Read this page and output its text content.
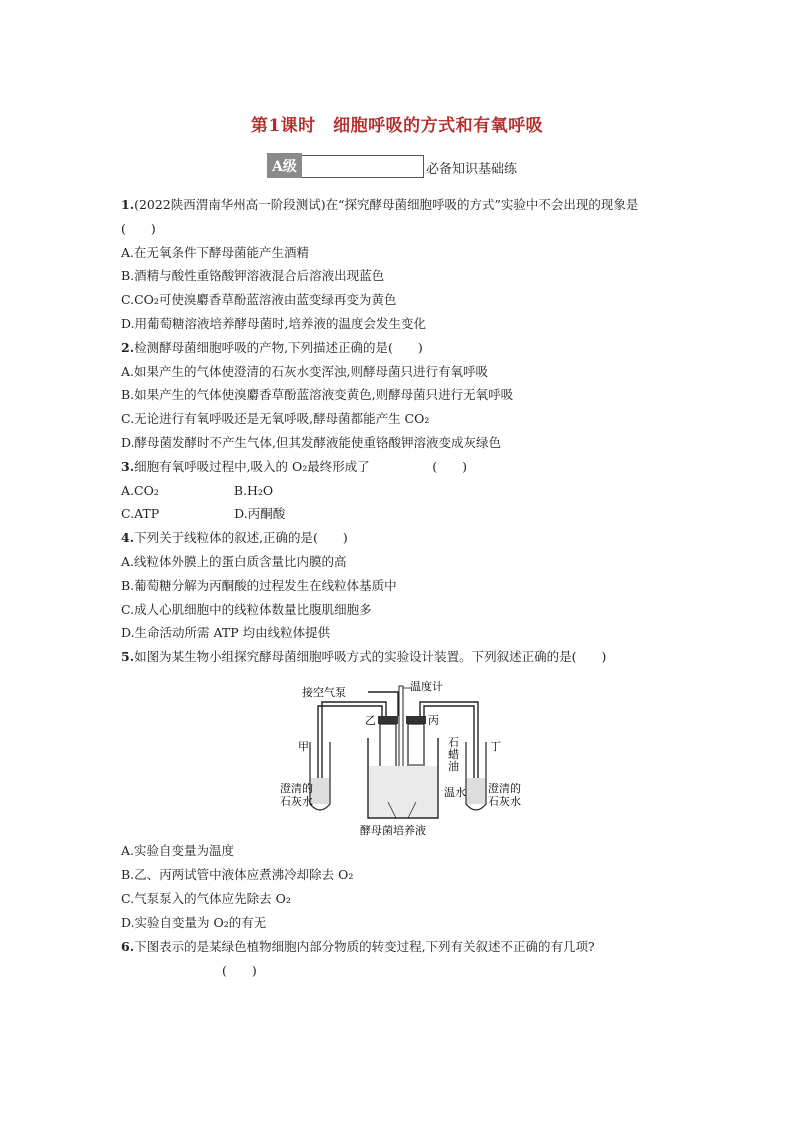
第1课时　细胞呼吸的方式和有氧呼吸
A级	必备知识基础练
1.(2022陕西渭南华州高一阶段测试)在“探究酵母菌细胞呼吸的方式”实验中不会出现的现象是
(　　)
A.在无氧条件下酵母菌能产生酒精
B.酒精与酸性重铬酸钾溶液混合后溶液出现蓝色
C.CO₂可使溴麝香草酚蓝溶液由蓝变绿再变为黄色
D.用葡萄糖溶液培养酵母菌时,培养液的温度会发生变化
2.检测酵母菌细胞呼吸的产物,下列描述正确的是(　　)
A.如果产生的气体使澄清的石灰水变浑浊,则酵母菌只进行有氧呼吸
B.如果产生的气体使溴麝香草酚蓝溶液变黄色,则酵母菌只进行无氧呼吸
C.无论进行有氧呼吸还是无氧呼吸,酵母菌都能产生 CO₂
D.酵母菌发酵时不产生气体,但其发酵液能使重铬酸钾溶液变成灰绿色
3.细胞有氧呼吸过程中,吸入的 O₂最终形成了　　　　　(　　)
A.CO₂　　　　　　B.H₂O
C.ATP　　　　　　D.丙酮酸
4.下列关于线粒体的叙述,正确的是(　　)
A.线粒体外膜上的蛋白质含量比内膜的高
B.葡萄糖分解为丙酮酸的过程发生在线粒体基质中
C.成人心肌细胞中的线粒体数量比腹肌细胞多
D.生命活动所需 ATP 均由线粒体提供
5.如图为某生物小组探究酵母菌细胞呼吸方式的实验设计装置。下列叙述正确的是(　　)
接空气泵	温度计
乙	丙
甲	丁
石蜡油
温水
澄清的石灰水
澄清的石灰水
酵母菌培养液
A.实验自变量为温度
B.乙、丙两试管中液体应煮沸冷却除去 O₂
C.气泵泵入的气体应先除去 O₂
D.实验自变量为 O₂的有无
6.下图表示的是某绿色植物细胞内部分物质的转变过程,下列有关叙述不正确的有几项?
(　　)
